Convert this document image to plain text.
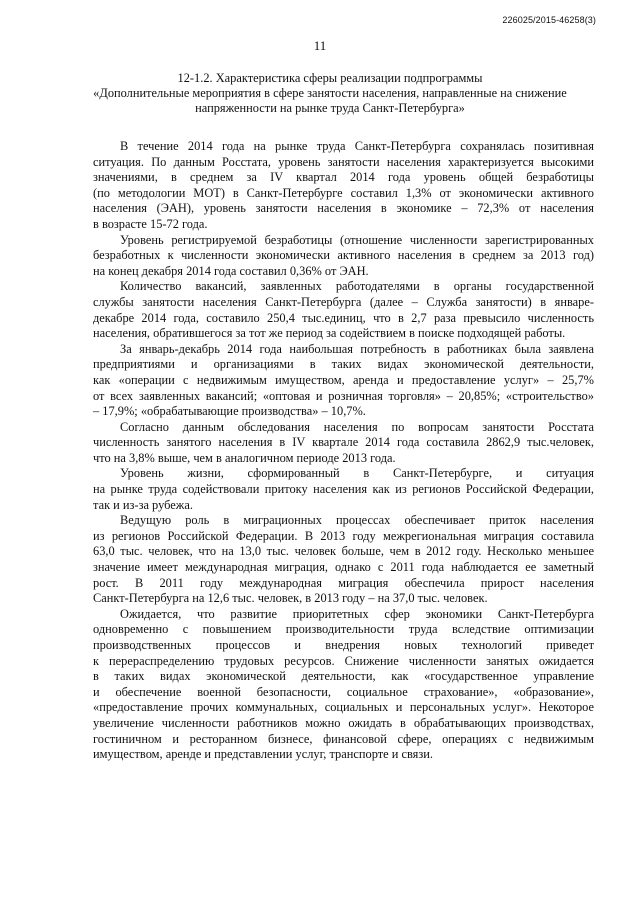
226025/2015-46258(3)
11
12-1.2. Характеристика сферы реализации подпрограммы
«Дополнительные мероприятия в сфере занятости населения, направленные на снижение
напряженности на рынке труда Санкт-Петербурга»
В течение 2014 года на рынке труда Санкт-Петербурга сохранялась позитивная
ситуация. По данным Росстата, уровень занятости населения характеризуется высокими
значениями, в среднем за IV квартал 2014 года уровень общей безработицы
(по методологии МОТ) в Санкт-Петербурге составил 1,3% от экономически активного
населения (ЭАН), уровень занятости населения в экономике – 72,3% от населения
в возрасте 15-72 года.
Уровень регистрируемой безработицы (отношение численности зарегистрированных
безработных к численности экономически активного населения в среднем за 2013 год)
на конец декабря 2014 года составил 0,36% от ЭАН.
Количество вакансий, заявленных работодателями в органы государственной
службы занятости населения Санкт-Петербурга (далее – Служба занятости) в январе-
декабре 2014 года, составило 250,4 тыс.единиц, что в 2,7 раза превысило численность
населения, обратившегося за тот же период за содействием в поиске подходящей работы.
За январь-декабрь 2014 года наибольшая потребность в работниках была заявлена
предприятиями и организациями в таких видах экономической деятельности,
как «операции с недвижимым имуществом, аренда и предоставление услуг» – 25,7%
от всех заявленных вакансий; «оптовая и розничная торговля» – 20,85%; «строительство»
– 17,9%; «обрабатывающие производства» – 10,7%.
Согласно данным обследования населения по вопросам занятости Росстата
численность занятого населения в IV квартале 2014 года составила 2862,9 тыс.человек,
что на 3,8% выше, чем в аналогичном периоде 2013 года.
Уровень жизни, сформированный в Санкт-Петербурге, и ситуация
на рынке труда содействовали притоку населения как из регионов Российской Федерации,
так и из-за рубежа.
Ведущую роль в миграционных процессах обеспечивает приток населения
из регионов Российской Федерации. В 2013 году межрегиональная миграция составила
63,0 тыс. человек, что на 13,0 тыс. человек больше, чем в 2012 году. Несколько меньшее
значение имеет международная миграция, однако с 2011 года наблюдается ее заметный
рост. В 2011 году международная миграция обеспечила прирост населения
Санкт-Петербурга на 12,6 тыс. человек, в 2013 году – на 37,0 тыс. человек.
Ожидается, что развитие приоритетных сфер экономики Санкт-Петербурга
одновременно с повышением производительности труда вследствие оптимизации
производственных процессов и внедрения новых технологий приведет
к перераспределению трудовых ресурсов. Снижение численности занятых ожидается
в таких видах экономической деятельности, как «государственное управление
и обеспечение военной безопасности, социальное страхование», «образование»,
«предоставление прочих коммунальных, социальных и персональных услуг». Некоторое
увеличение численности работников можно ожидать в обрабатывающих производствах,
гостиничном и ресторанном бизнесе, финансовой сфере, операциях с недвижимым
имуществом, аренде и представлении услуг, транспорте и связи.
